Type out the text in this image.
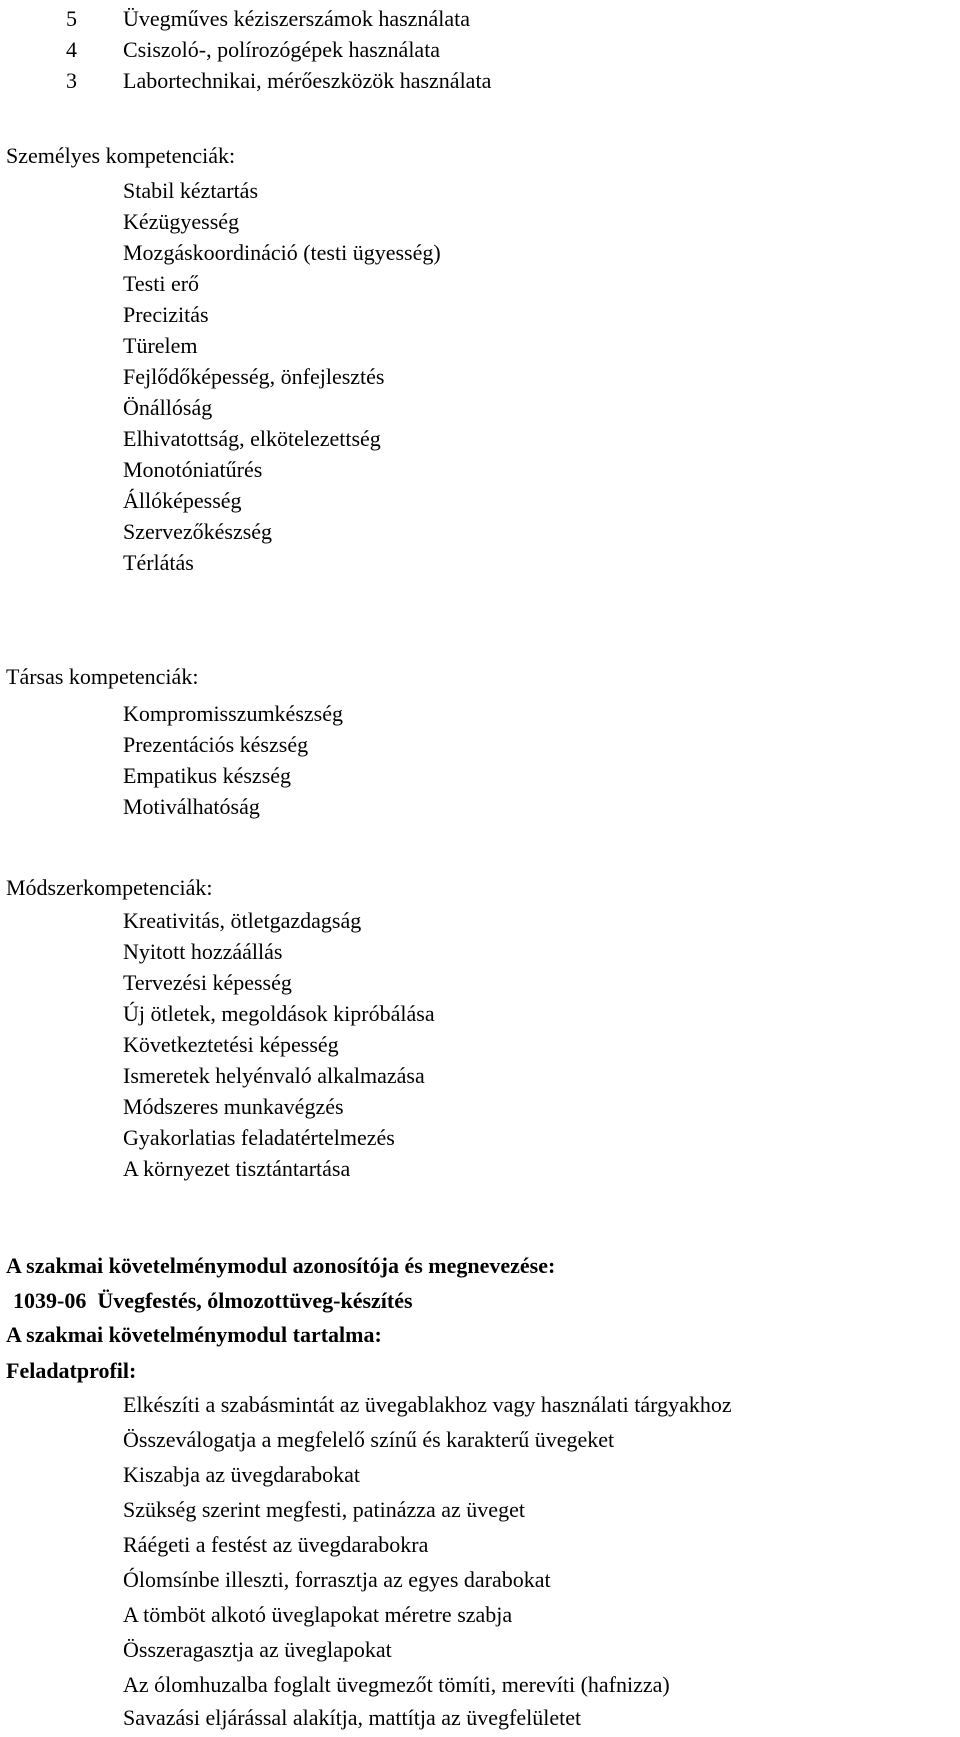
5 Üvegműves kéziszerszámok használata
4 Csiszoló-, polírozógépek használata
3 Labortechnikai, mérőeszközök használata
Személyes kompetenciák:
Stabil kéztartás
Kézügyesség
Mozgáskoordináció (testi ügyesség)
Testi erő
Precizitás
Türelem
Fejlődőképesség, önfejlesztés
Önállóság
Elhivatottság, elkötelezettség
Monotóniatűrés
Állóképesség
Szervezőkészség
Térlátás
Társas kompetenciák:
Kompromisszumkészség
Prezentációs készség
Empatikus készség
Motiválhatóság
Módszerkompetenciák:
Kreativitás, ötletgazdagság
Nyitott hozzáállás
Tervezési képesség
Új ötletek, megoldások kipróbálása
Következtetési képesség
Ismeretek helyénvaló alkalmazása
Módszeres munkavégzés
Gyakorlatias feladatértelmezés
A környezet tisztántartása
A szakmai követelménymodul azonosítója és megnevezése:
1039-06  Üvegfestés, ólmozottüveg-készítés
A szakmai követelménymodul tartalma:
Feladatprofil:
Elkészíti a szabásmintát az üvegablakhoz vagy használati tárgyakhoz
Összeválogatja a megfelelő színű és karakterű üvegeket
Kiszabja az üvegdarabokat
Szükség szerint megfesti, patinázza az üveget
Ráégeti a festést az üvegdarabokra
Ólomsínbe illeszti, forrasztja az egyes darabokat
A tömböt alkotó üveglapokat méretre szabja
Összeragasztja az üveglapokat
Az ólomhuzalba foglalt üvegmezőt tömíti, merevíti (hafnizza)
Savazási eljárással alakítja, mattítja az üvegfelületet
